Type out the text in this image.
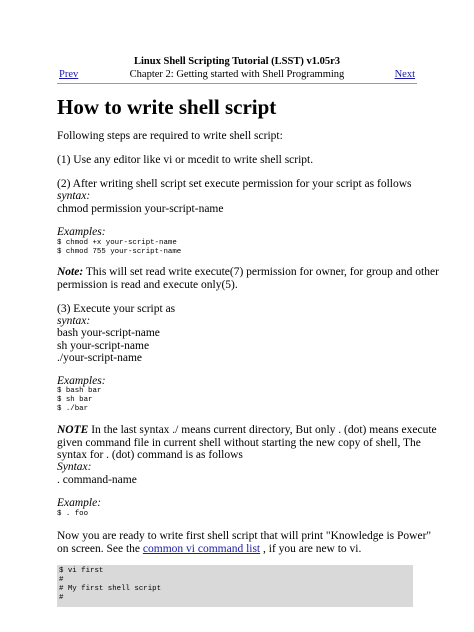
Linux Shell Scripting Tutorial (LSST) v1.05r3
Chapter 2: Getting started with Shell Programming
Prev	Next
How to write shell script

Following steps are required to write shell script:

(1) Use any editor like vi or mcedit to write shell script.

(2) After writing shell script set execute permission for your script as follows

syntax:

chmod permission your-script-name

Examples:

$ chmod +x your-script-name

$ chmod 755 your-script-name

Note: This will set read write execute(7) permission for owner, for group and other

permission is read and execute only(5).

(3) Execute your script as

syntax:

bash your-script-name

sh your-script-name

./your-script-name

Examples:

$ bash bar

$ sh bar

$ ./bar

NOTE In the last syntax ./ means current directory, But only . (dot) means execute

given command file in current shell without starting the new copy of shell, The

syntax for . (dot) command is as follows

Syntax:

. command-name

Example:

$ . foo

Now you are ready to write first shell script that will print "Knowledge is Power"

on screen. See the common vi command list , if you are new to vi.

$ vi first

#

# My first shell script

#
